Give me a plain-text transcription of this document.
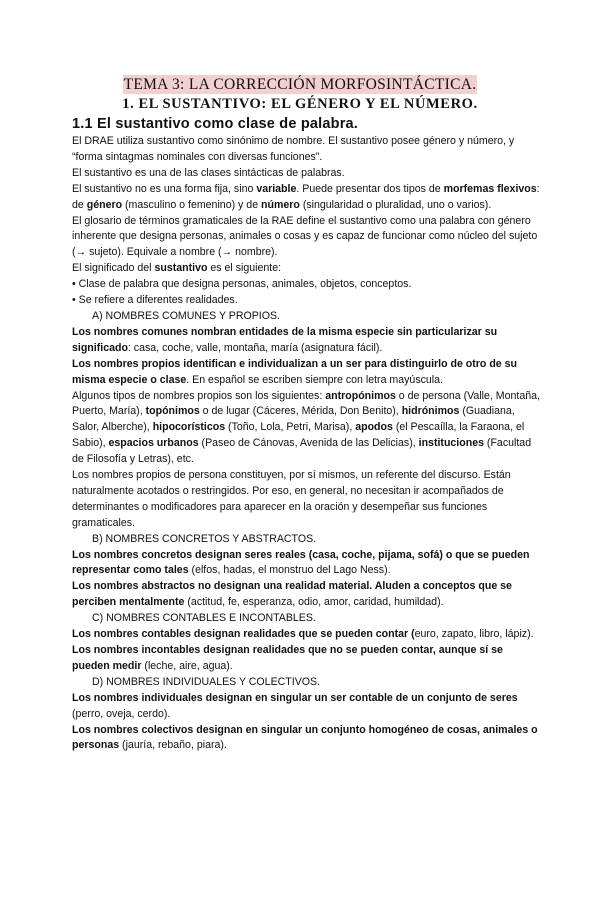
TEMA 3: LA CORRECCIÓN MORFOSINTÁCTICA.
1. EL SUSTANTIVO: EL GÉNERO Y EL NÚMERO.
1.1 El sustantivo como clase de palabra.

El DRAE utiliza sustantivo como sinónimo de nombre. El sustantivo posee género y número, y “forma sintagmas nominales con diversas funciones”.

El sustantivo es una de las clases sintácticas de palabras.

El sustantivo no es una forma fija, sino variable. Puede presentar dos tipos de morfemas flexivos: de género (masculino o femenino) y de número (singularidad o pluralidad, uno o varios).

El glosario de términos gramaticales de la RAE define el sustantivo como una palabra con género inherente que designa personas, animales o cosas y es capaz de funcionar como núcleo del sujeto (→ sujeto). Equivale a nombre (→ nombre).

El significado del sustantivo es el siguiente:

• Clase de palabra que designa personas, animales, objetos, conceptos.

• Se refiere a diferentes realidades.

A) NOMBRES COMUNES Y PROPIOS.

Los nombres comunes nombran entidades de la misma especie sin particularizar su significado: casa, coche, valle, montaña, maría (asignatura fácil).

Los nombres propios identifican e individualizan a un ser para distinguirlo de otro de su misma especie o clase. En español se escriben siempre con letra mayúscula.

Algunos tipos de nombres propios son los siguientes: antropónimos o de persona (Valle, Montaña, Puerto, María), topónimos o de lugar (Cáceres, Mérida, Don Benito), hidrónimos (Guadiana, Salor, Alberche), hipocorísticos (Toño, Lola, Petri, Marisa), apodos (el Pescaílla, la Faraona, el Sabio), espacios urbanos (Paseo de Cánovas, Avenida de las Delicias), instituciones (Facultad de Filosofía y Letras), etc.

Los nombres propios de persona constituyen, por sí mismos, un referente del discurso. Están naturalmente acotados o restringidos. Por eso, en general, no necesitan ir acompañados de determinantes o modificadores para aparecer en la oración y desempeñar sus funciones gramaticales.

B) NOMBRES CONCRETOS Y ABSTRACTOS.

Los nombres concretos designan seres reales (casa, coche, pijama, sofá) o que se pueden representar como tales (elfos, hadas, el monstruo del Lago Ness).

Los nombres abstractos no designan una realidad material. Aluden a conceptos que se perciben mentalmente (actitud, fe, esperanza, odio, amor, caridad, humildad).

C) NOMBRES CONTABLES E INCONTABLES.

Los nombres contables designan realidades que se pueden contar (euro, zapato, libro, lápiz).

Los nombres incontables designan realidades que no se pueden contar, aunque sí se pueden medir (leche, aire, agua).

D) NOMBRES INDIVIDUALES Y COLECTIVOS.

Los nombres individuales designan en singular un ser contable de un conjunto de seres (perro, oveja, cerdo).

Los nombres colectivos designan en singular un conjunto homogéneo de cosas, animales o personas (jauría, rebaño, piara).
